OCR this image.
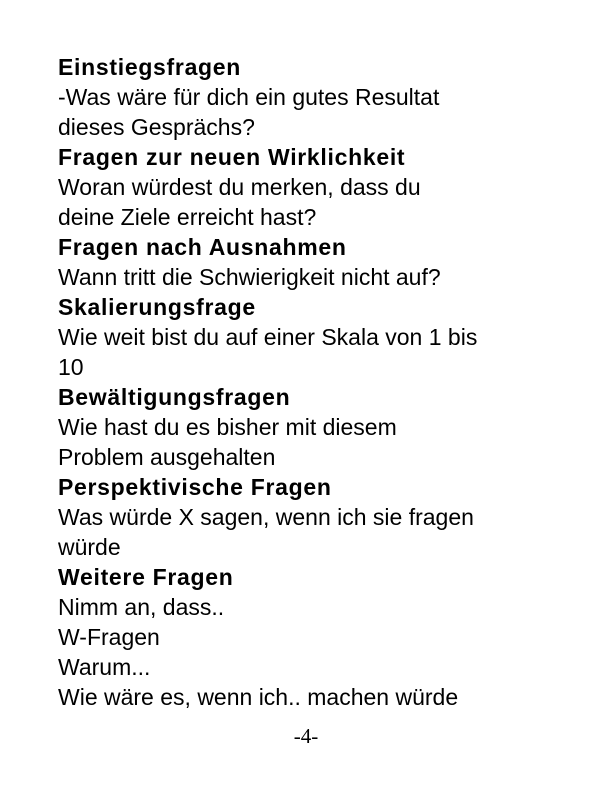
Einstiegsfragen
-Was wäre für dich ein gutes Resultat
dieses Gesprächs?
Fragen zur neuen Wirklichkeit
Woran würdest du merken, dass du
deine Ziele erreicht hast?
Fragen nach Ausnahmen
Wann tritt die Schwierigkeit nicht auf?
Skalierungsfrage
Wie weit bist du auf einer Skala von 1 bis
10
Bewältigungsfragen
Wie hast du es bisher mit diesem
Problem ausgehalten
Perspektivische Fragen
Was würde X sagen, wenn ich sie fragen
würde
Weitere Fragen
Nimm an, dass..
W-Fragen
Warum...
Wie wäre es, wenn ich.. machen würde
-4-
